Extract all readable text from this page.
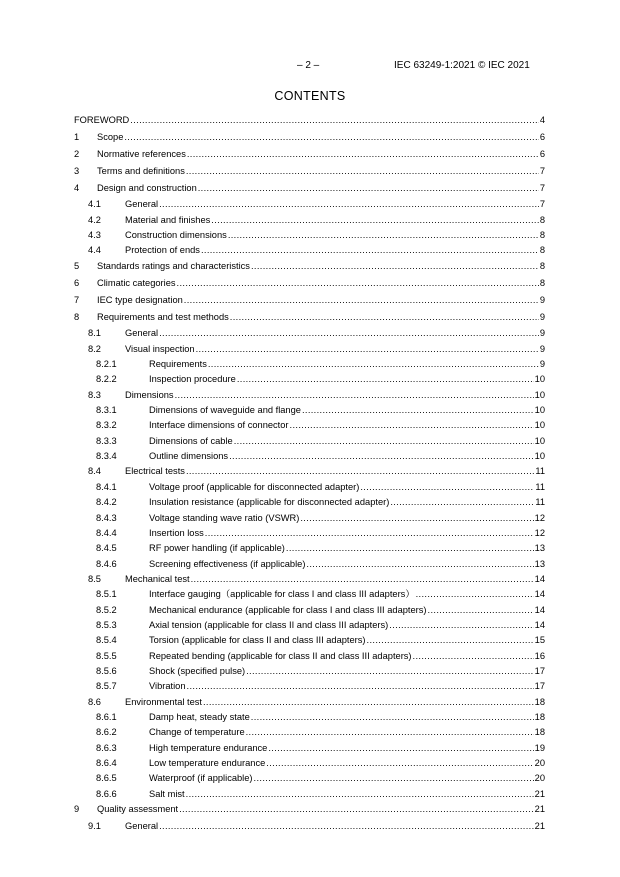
– 2 –	IEC 63249-1:2021 © IEC 2021
CONTENTS
FOREWORD .....	4
1 Scope .....	6
2 Normative references .....	6
3 Terms and definitions .....	7
4 Design and construction .....	7
4.1	General .....	7
4.2	Material and finishes .....	8
4.3	Construction dimensions .....	8
4.4	Protection of ends .....	8
5 Standards ratings and characteristics .....	8
6 Climatic categories .....	8
7 IEC type designation .....	9
8 Requirements and test methods .....	9
8.1	General .....	9
8.2	Visual inspection .....	9
8.2.1	Requirements .....	9
8.2.2	Inspection procedure .....	10
8.3	Dimensions .....	10
8.3.1	Dimensions of waveguide and flange .....	10
8.3.2	Interface dimensions of connector .....	10
8.3.3	Dimensions of cable .....	10
8.3.4	Outline dimensions .....	10
8.4	Electrical tests .....	11
8.4.1	Voltage proof (applicable for disconnected adapter) .....	11
8.4.2	Insulation resistance (applicable for disconnected adapter) .....	11
8.4.3	Voltage standing wave ratio (VSWR) .....	12
8.4.4	Insertion loss .....	12
8.4.5	RF power handling (if applicable) .....	13
8.4.6	Screening effectiveness (if applicable) .....	13
8.5	Mechanical test .....	14
8.5.1	Interface gauging（applicable for class I and class III adapters） .....	14
8.5.2	Mechanical endurance (applicable for class I and class III adapters) .....	14
8.5.3	Axial tension (applicable for class II and class III adapters) .....	14
8.5.4	Torsion (applicable for class II and class III adapters) .....	15
8.5.5	Repeated bending (applicable for class II and class III adapters) .....	16
8.5.6	Shock (specified pulse) .....	17
8.5.7	Vibration .....	17
8.6	Environmental test .....	18
8.6.1	Damp heat, steady state .....	18
8.6.2	Change of temperature .....	18
8.6.3	High temperature endurance .....	19
8.6.4	Low temperature endurance .....	20
8.6.5	Waterproof (if applicable) .....	20
8.6.6	Salt mist .....	21
9 Quality assessment .....	21
9.1	General .....	21
